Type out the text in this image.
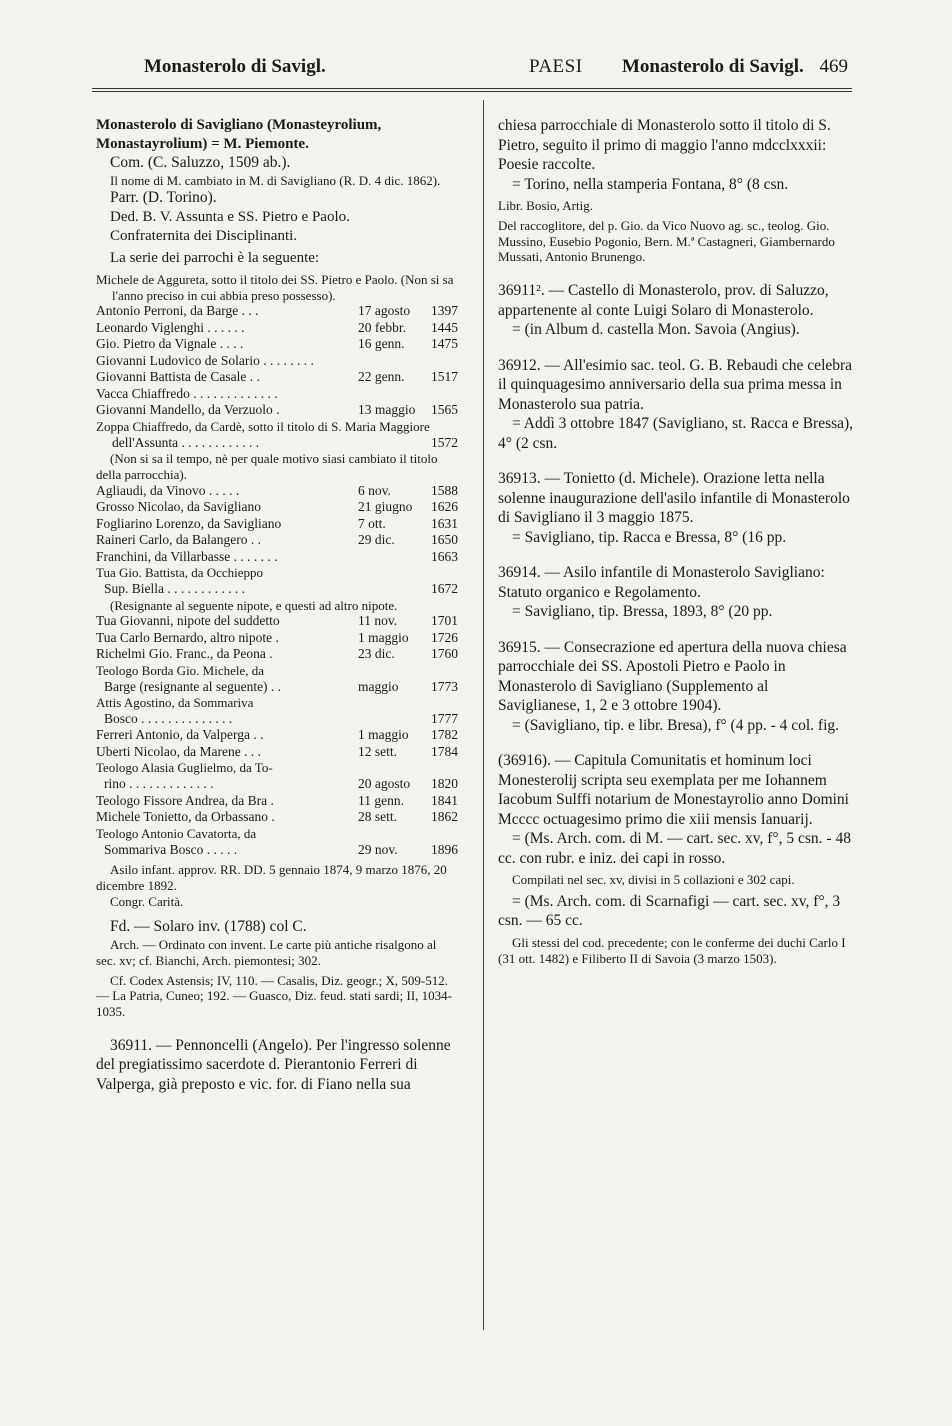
Monasterolo di Savigl.	PAESI Monasterolo di Savigl. 469

Monasterolo di Savigliano (Monasteyrolium, Monastayrolium) = M. Piemonte.

Com. (C. Saluzzo, 1509 ab.).

Il nome di M. cambiato in M. di Savigliano (R. D. 4 dic. 1862).

Parr. (D. Torino).

Ded. B. V. Assunta e SS. Pietro e Paolo.

Confraternita dei Disciplinanti.

La serie dei parrochi è la seguente:

Michele de Aggureta, sotto il titolo dei SS. Pietro e Paolo. (Non si sa l'anno preciso in cui abbia preso possesso).

Antonio Perroni, da Barge . . .	17 agosto	1397
Leonardo Viglenghi . . . . . .	20 febbr.	1445
Gio. Pietro da Vignale . . . .	16 genn.	1475
Giovanni Ludovico de Solario . . . . . . . .
Giovanni Battista de Casale . .	22 genn.	1517
Vacca Chiaffredo . . . . . . . . . . . . .
Giovanni Mandello, da Verzuolo .	13 maggio	1565

Zoppa Chiaffredo, da Cardè, sotto il titolo di S. Maria Maggiore

dell'Assunta . . . . . . . . . . . .	1572

(Non si sa il tempo, nè per quale motivo siasi cambiato il titolo della parrocchia).

Agliaudi, da Vinovo . . . . .	6 nov.	1588
Grosso Nicolao, da Savigliano	21 giugno	1626
Fogliarino Lorenzo, da Savigliano	7 ott.	1631
Raineri Carlo, da Balangero . .	29 dic.	1650
Franchini, da Villarbasse . . . . . . .	1663

Tua Gio. Battista, da Occhieppo

Sup. Biella . . . . . . . . . . . .	1672

(Resignante al seguente nipote, e questi ad altro nipote.

Tua Giovanni, nipote del suddetto	11 nov.	1701
Tua Carlo Bernardo, altro nipote .	1 maggio	1726
Richelmi Gio. Franc., da Peona .	23 dic.	1760

Teologo Borda Gio. Michele, da

Barge (resignante al seguente) . .	maggio	1773

Attis Agostino, da Sommariva

Bosco . . . . . . . . . . . . . .	1777
Ferreri Antonio, da Valperga . .	1 maggio	1782
Uberti Nicolao, da Marene . . .	12 sett.	1784

Teologo Alasia Guglielmo, da To-

rino . . . . . . . . . . . . .	20 agosto	1820
Teologo Fissore Andrea, da Bra .	11 genn.	1841
Michele Tonietto, da Orbassano .	28 sett.	1862

Teologo Antonio Cavatorta, da

Sommariva Bosco . . . . .	29 nov.	1896

Asilo infant. approv. RR. DD. 5 gennaio 1874, 9 marzo 1876, 20 dicembre 1892.

Congr. Carità.

Fd. — Solaro inv. (1788) col C.

Arch. — Ordinato con invent. Le carte più antiche risalgono al sec. xv; cf. Bianchi, Arch. piemontesi; 302.

Cf. Codex Astensis; IV, 110. — Casalis, Diz. geogr.; X, 509-512. — La Patria, Cuneo; 192. — Guasco, Diz. feud. stati sardi; II, 1034-1035.

36911. — Pennoncelli (Angelo). Per l'ingresso solenne del pregiatissimo sacerdote d. Pierantonio Ferreri di Valperga, già preposto e vic. for. di Fiano nella sua

chiesa parrocchiale di Monasterolo sotto il titolo di S. Pietro, seguito il primo di maggio l'anno mdcclxxxii: Poesie raccolte.

= Torino, nella stamperia Fontana, 8° (8 csn.

Libr. Bosio, Artig.

Del raccoglitore, del p. Gio. da Vico Nuovo ag. sc., teolog. Gio. Mussino, Eusebio Pogonio, Bern. M.ª Castagneri, Giambernardo Mussati, Antonio Brunengo.

36911². — Castello di Monasterolo, prov. di Saluzzo, appartenente al conte Luigi Solaro di Monasterolo.

= (in Album d. castella Mon. Savoia (Angius).

36912. — All'esimio sac. teol. G. B. Rebaudi che celebra il quinquagesimo anniversario della sua prima messa in Monasterolo sua patria.

= Addì 3 ottobre 1847 (Savigliano, st. Racca e Bressa), 4° (2 csn.

36913. — Tonietto (d. Michele). Orazione letta nella solenne inaugurazione dell'asilo infantile di Monasterolo di Savigliano il 3 maggio 1875.

= Savigliano, tip. Racca e Bressa, 8° (16 pp.

36914. — Asilo infantile di Monasterolo Savigliano: Statuto organico e Regolamento.

= Savigliano, tip. Bressa, 1893, 8° (20 pp.

36915. — Consecrazione ed apertura della nuova chiesa parrocchiale dei SS. Apostoli Pietro e Paolo in Monasterolo di Savigliano (Supplemento al Saviglianese, 1, 2 e 3 ottobre 1904).

= (Savigliano, tip. e libr. Bresa), f° (4 pp. - 4 col. fig.

(36916). — Capitula Comunitatis et hominum loci Monesterolij scripta seu exemplata per me Iohannem Iacobum Sulffi notarium de Monestayrolio anno Domini Mcccc octuagesimo primo die xiii mensis Ianuarij.

= (Ms. Arch. com. di M. — cart. sec. xv, f°, 5 csn. - 48 cc. con rubr. e iniz. dei capi in rosso.

Compilati nel sec. xv, divisi in 5 collazioni e 302 capi.

= (Ms. Arch. com. di Scarnafigi — cart. sec. xv, f°, 3 csn. — 65 cc.

Gli stessi del cod. precedente; con le conferme dei duchi Carlo I (31 ott. 1482) e Filiberto II di Savoia (3 marzo 1503).
